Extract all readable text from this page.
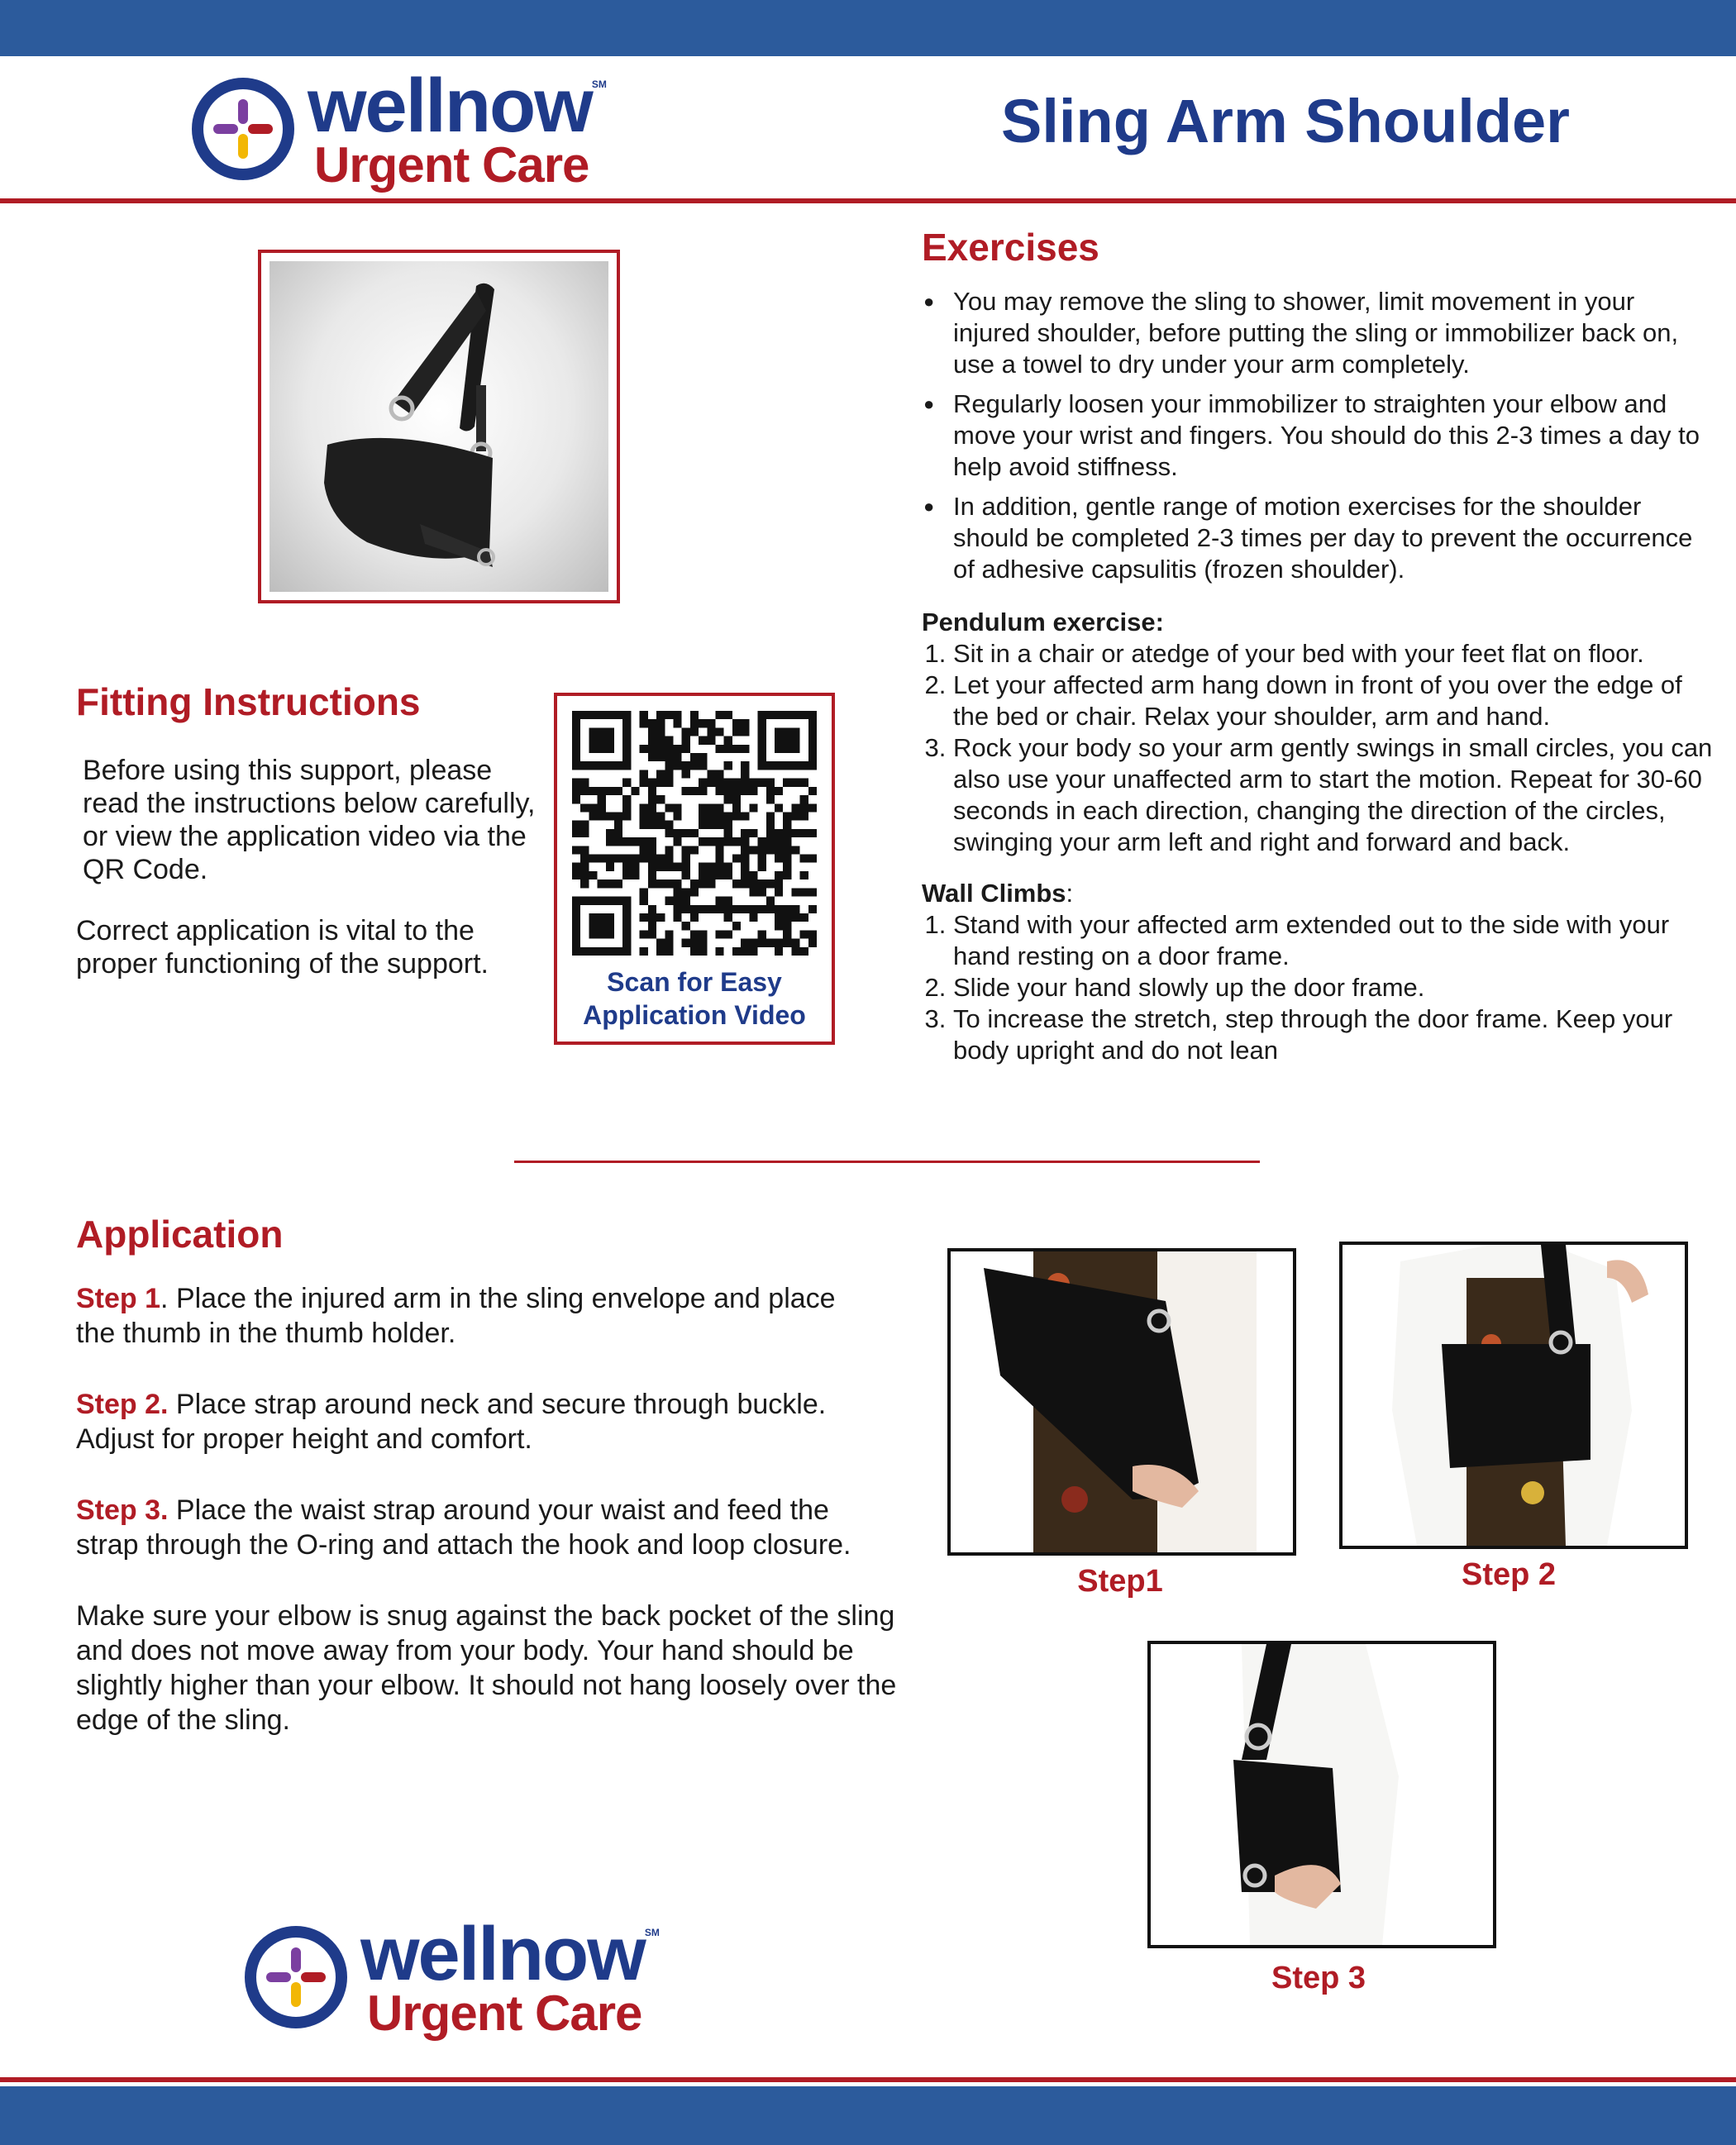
wellnow SM
Urgent Care
Sling Arm Shoulder
Exercises
● You may remove the sling to shower, limit movement in your injured shoulder, before putting the sling or immobilizer back on, use a towel to dry under your arm completely.
● Regularly loosen your immobilizer to straighten your elbow and move your wrist and fingers. You should do this 2-3 times a day to help avoid stiffness.
● In addition, gentle range of motion exercises for the shoulder should be completed 2-3 times per day to prevent the occurrence of adhesive capsulitis (frozen shoulder).

Pendulum exercise:

1. Sit in a chair or atedge of your bed with your feet flat on floor.
2. Let your affected arm hang down in front of you over the edge of the bed or chair. Relax your shoulder, arm and hand.
3. Rock your body so your arm gently swings in small circles, you can also use your unaffected arm to start the motion. Repeat for 30-60 seconds in each direction, changing the direction of the circles, swinging your arm left and right and forward and back.

Wall Climbs:

1. Stand with your affected arm extended out to the side with your hand resting on a door frame.
2. Slide your hand slowly up the door frame.
3. To increase the stretch, step through the door frame. Keep your body upright and do not lean
Fitting Instructions

Before using this support, please read the instructions below carefully, or view the application video via the QR Code.

Correct application is vital to the proper functioning of the support.

Scan for Easy
Application Video
Application

Step 1. Place the injured arm in the sling envelope and place the thumb in the thumb holder.

Step 2. Place strap around neck and secure through buckle.

Adjust for proper height and comfort.

Step 3. Place the waist strap around your waist and feed the

strap through the O-ring and attach the hook and loop closure.

Make sure your elbow is snug against the back pocket of the sling and does not move away from your body. Your hand should be slightly higher than your elbow. It should not hang loosely over the edge of the sling.

Step1	Step 2
Step 3
wellnow SM
Urgent Care
